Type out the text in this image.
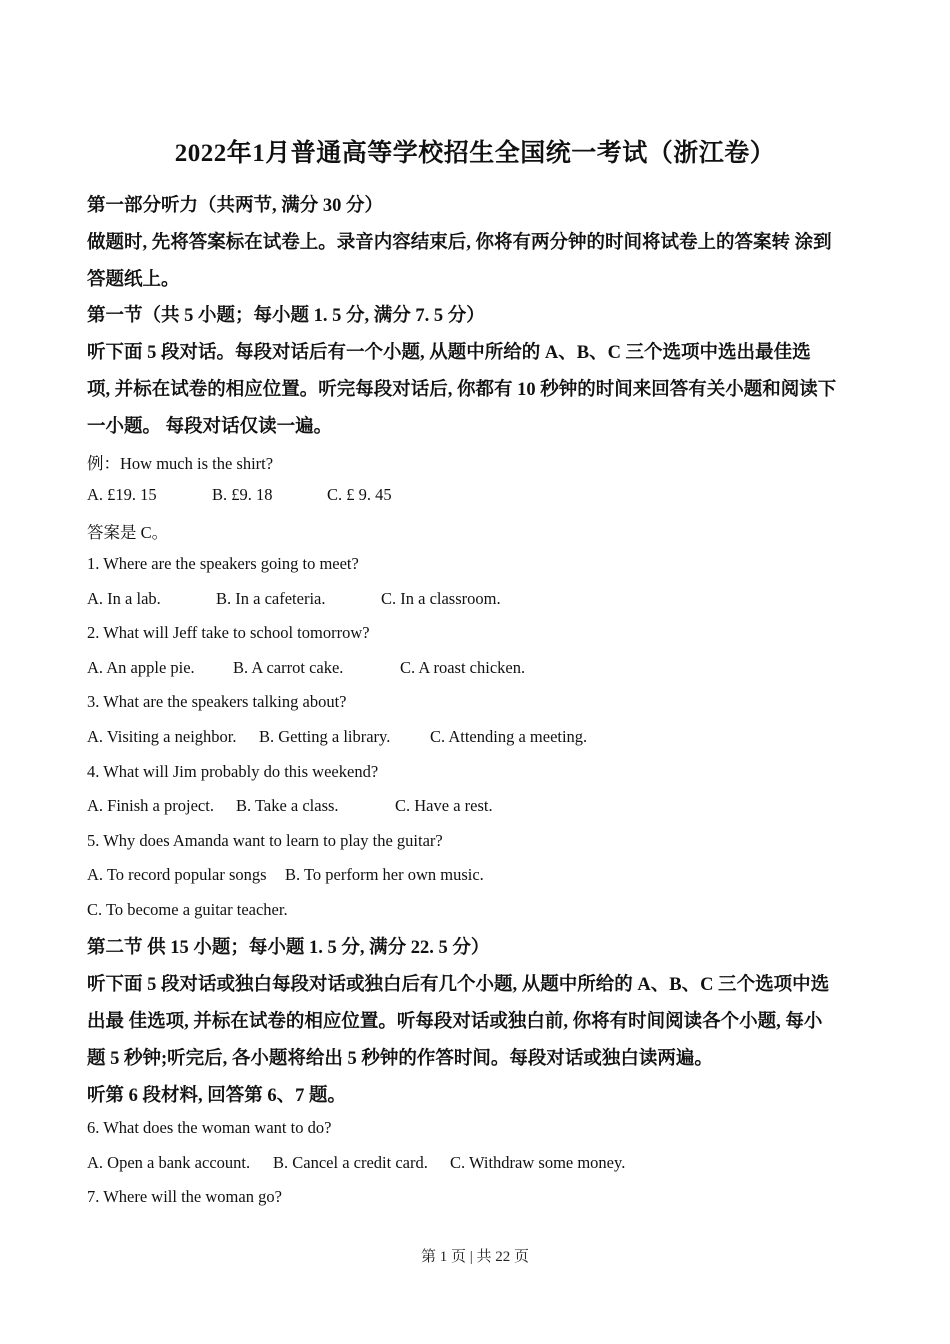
2022年1月普通高等学校招生全国统一考试（浙江卷）
第一部分听力（共两节, 满分 30 分）
做题时, 先将答案标在试卷上。录音内容结束后, 你将有两分钟的时间将试卷上的答案转 涂到
答题纸上。
第一节（共 5 小题；每小题 1. 5 分, 满分 7. 5 分）
听下面 5 段对话。每段对话后有一个小题, 从题中所给的 A、B、C 三个选项中选出最佳选
项, 并标在试卷的相应位置。听完每段对话后, 你都有 10 秒钟的时间来回答有关小题和阅读下
一小题。 每段对话仅读一遍。
例：How much is the shirt?
A. £19. 15	B. £9. 18	C. £ 9. 45
答案是 C。
1. Where are the speakers going to meet?
A. In a lab.	B. In a cafeteria.	C. In a classroom.
2. What will Jeff take to school tomorrow?
A. An apple pie. B. A carrot cake.	C. A roast chicken.
3. What are the speakers talking about?
A. Visiting a neighbor. B. Getting a library. C. Attending a meeting.
4. What will Jim probably do this weekend?
A. Finish a project. B. Take a class.	C. Have a rest.
5. Why does Amanda want to learn to play the guitar?
A. To record popular songs B. To perform her own music.
C. To become a guitar teacher.
第二节 供 15 小题；每小题 1. 5 分, 满分 22. 5 分）
听下面 5 段对话或独白每段对话或独白后有几个小题, 从题中所给的 A、B、C 三个选项中选
出最 佳选项, 并标在试卷的相应位置。听每段对话或独白前, 你将有时间阅读各个小题, 每小
题 5 秒钟;听完后, 各小题将给出 5 秒钟的作答时间。每段对话或独白读两遍。
听第 6 段材料, 回答第 6、7 题。
6. What does the woman want to do?
A. Open a bank account. B. Cancel a credit card. C. Withdraw some money.
7. Where will the woman go?
第 1 页 | 共 22 页
